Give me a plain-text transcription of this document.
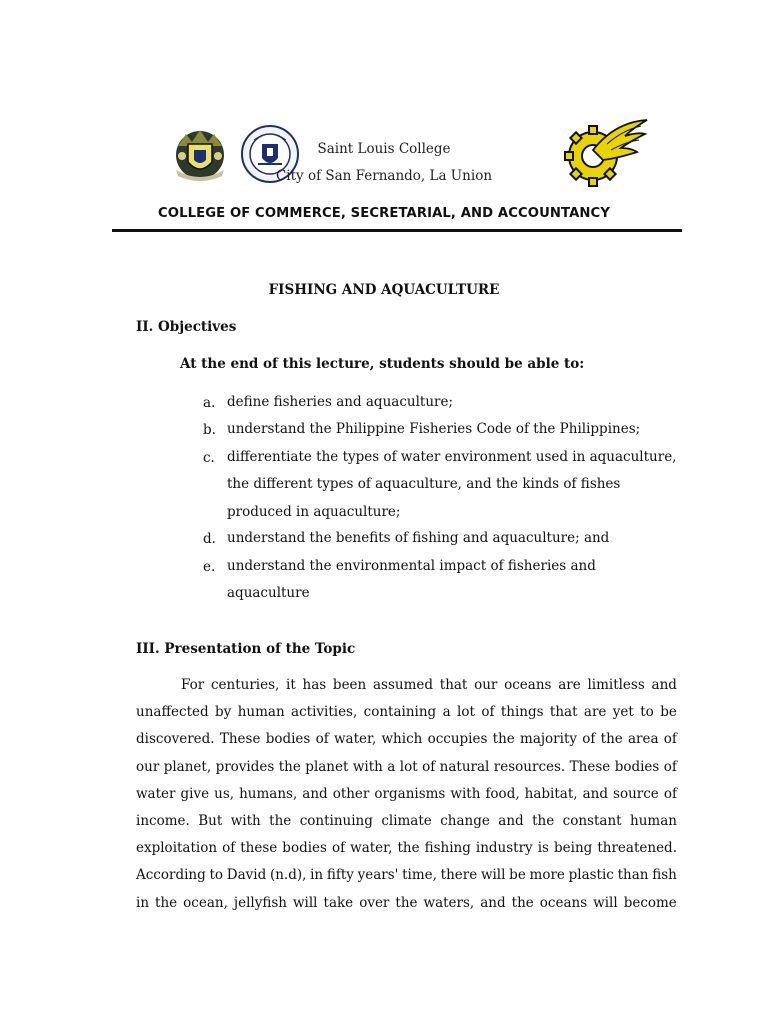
Saint Louis College
City of San Fernando, La Union
COLLEGE OF COMMERCE, SECRETARIAL, AND ACCOUNTANCY
FISHING AND AQUACULTURE
II. Objectives
At the end of this lecture, students should be able to:
a. define fisheries and aquaculture;
b. understand the Philippine Fisheries Code of the Philippines;
c. differentiate the types of water environment used in aquaculture, the different types of aquaculture, and the kinds of fishes produced in aquaculture;
d. understand the benefits of fishing and aquaculture; and
e. understand the environmental impact of fisheries and aquaculture
III. Presentation of the Topic
For centuries, it has been assumed that our oceans are limitless and
unaffected by human activities, containing a lot of things that are yet to be
discovered. These bodies of water, which occupies the majority of the area of
our planet, provides the planet with a lot of natural resources. These bodies of
water give us, humans, and other organisms with food, habitat, and source of
income. But with the continuing climate change and the constant human
exploitation of these bodies of water, the fishing industry is being threatened.
According to David (n.d), in fifty years' time, there will be more plastic than fish
in the ocean, jellyfish will take over the waters, and the oceans will become
